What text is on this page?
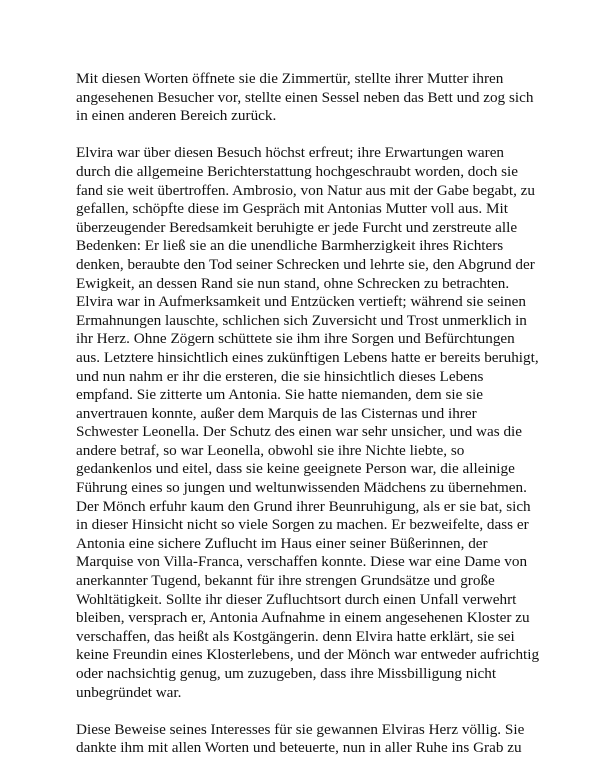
Mit diesen Worten öffnete sie die Zimmertür, stellte ihrer Mutter ihren
angesehenen Besucher vor, stellte einen Sessel neben das Bett und zog sich
in einen anderen Bereich zurück.

Elvira war über diesen Besuch höchst erfreut; ihre Erwartungen waren
durch die allgemeine Berichterstattung hochgeschraubt worden, doch sie
fand sie weit übertroffen. Ambrosio, von Natur aus mit der Gabe begabt, zu
gefallen, schöpfte diese im Gespräch mit Antonias Mutter voll aus. Mit
überzeugender Beredsamkeit beruhigte er jede Furcht und zerstreute alle
Bedenken: Er ließ sie an die unendliche Barmherzigkeit ihres Richters
denken, beraubte den Tod seiner Schrecken und lehrte sie, den Abgrund der
Ewigkeit, an dessen Rand sie nun stand, ohne Schrecken zu betrachten.
Elvira war in Aufmerksamkeit und Entzücken vertieft; während sie seinen
Ermahnungen lauschte, schlichen sich Zuversicht und Trost unmerklich in
ihr Herz. Ohne Zögern schüttete sie ihm ihre Sorgen und Befürchtungen
aus. Letztere hinsichtlich eines zukünftigen Lebens hatte er bereits beruhigt,
und nun nahm er ihr die ersteren, die sie hinsichtlich dieses Lebens
empfand. Sie zitterte um Antonia. Sie hatte niemanden, dem sie sie
anvertrauen konnte, außer dem Marquis de las Cisternas und ihrer
Schwester Leonella. Der Schutz des einen war sehr unsicher, und was die
andere betraf, so war Leonella, obwohl sie ihre Nichte liebte, so
gedankenlos und eitel, dass sie keine geeignete Person war, die alleinige
Führung eines so jungen und weltunwissenden Mädchens zu übernehmen.
Der Mönch erfuhr kaum den Grund ihrer Beunruhigung, als er sie bat, sich
in dieser Hinsicht nicht so viele Sorgen zu machen. Er bezweifelte, dass er
Antonia eine sichere Zuflucht im Haus einer seiner Büßerinnen, der
Marquise von Villa-Franca, verschaffen konnte. Diese war eine Dame von
anerkannter Tugend, bekannt für ihre strengen Grundsätze und große
Wohltätigkeit. Sollte ihr dieser Zufluchtsort durch einen Unfall verwehrt
bleiben, versprach er, Antonia Aufnahme in einem angesehenen Kloster zu
verschaffen, das heißt als Kostgängerin. denn Elvira hatte erklärt, sie sei
keine Freundin eines Klosterlebens, und der Mönch war entweder aufrichtig
oder nachsichtig genug, um zuzugeben, dass ihre Missbilligung nicht
unbegründet war.

Diese Beweise seines Interesses für sie gewannen Elviras Herz völlig. Sie
dankte ihm mit allen Worten und beteuerte, nun in aller Ruhe ins Grab zu
